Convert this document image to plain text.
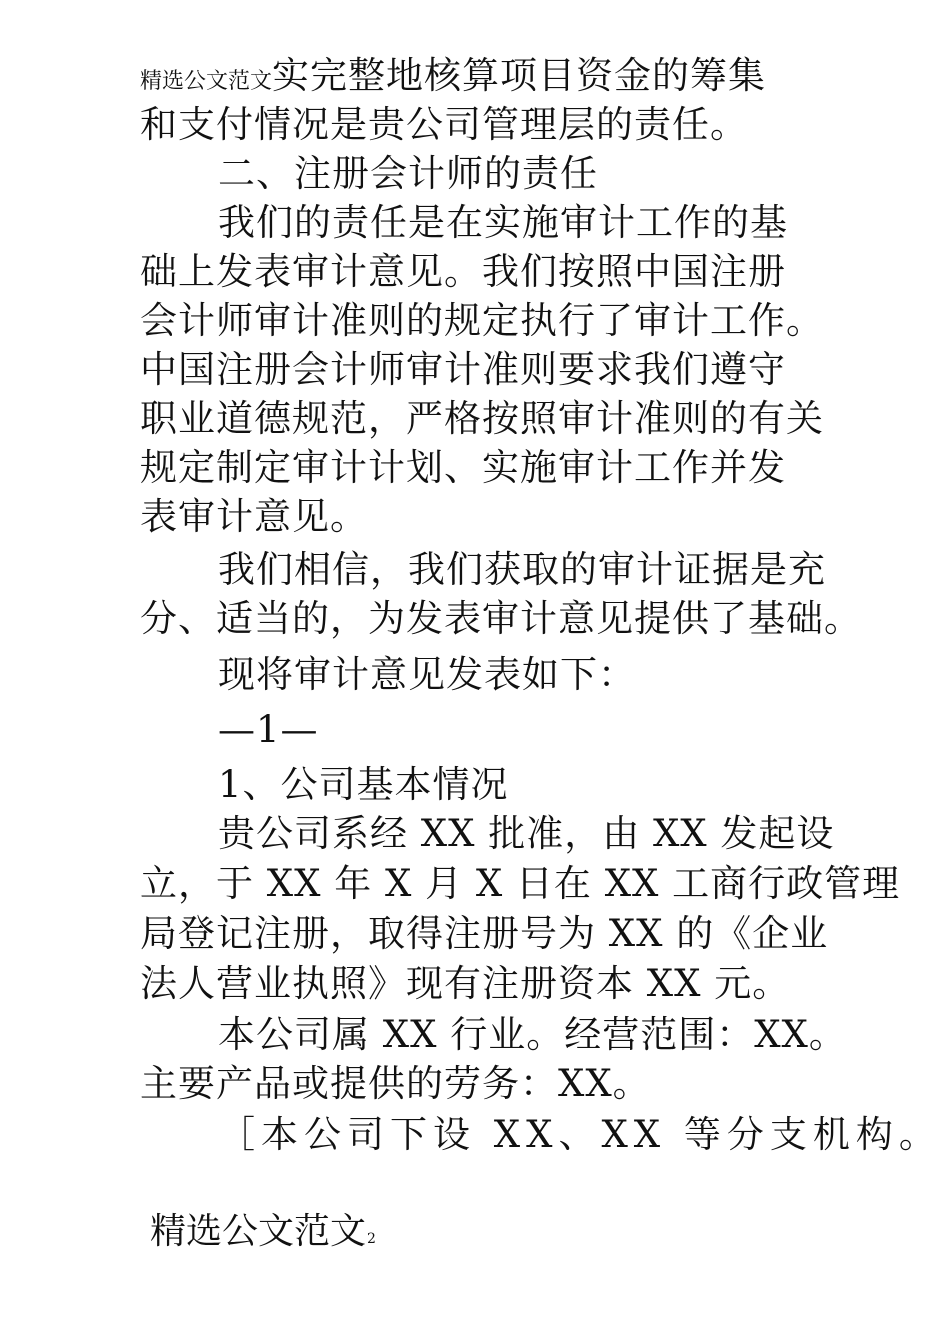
精选公文范文实完整地核算项目资金的筹集
和支付情况是贵公司管理层的责任。
二、注册会计师的责任
我们的责任是在实施审计工作的基
础上发表审计意见。我们按照中国注册
会计师审计准则的规定执行了审计工作。
中国注册会计师审计准则要求我们遵守
职业道德规范，严格按照审计准则的有关
规定制定审计计划、实施审计工作并发
表审计意见。
我们相信，我们获取的审计证据是充
分、适当的，为发表审计意见提供了基础。
现将审计意见发表如下：
—1—
1、公司基本情况
贵公司系经 XX 批准，由 XX 发起设
立，于 XX 年 X 月 X 日在 XX 工商行政管理
局登记注册，取得注册号为 XX 的《企业
法人营业执照》现有注册资本 XX 元。
本公司属 XX 行业。经营范围：XX。
主要产品或提供的劳务：XX。
［本公司下设 XX、XX 等分支机构。
精选公文范文2
